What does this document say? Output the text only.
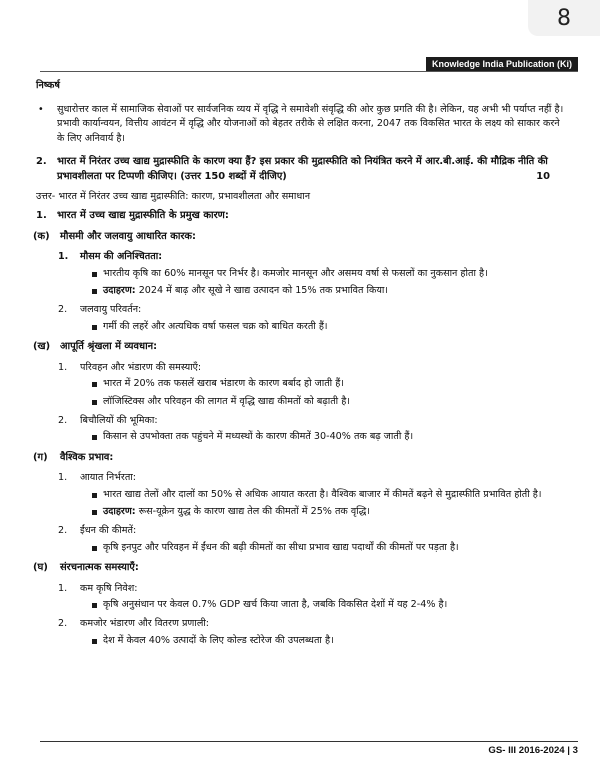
8
Knowledge India Publication (Ki)
निष्कर्ष
• सुधारोत्तर काल में सामाजिक सेवाओं पर सार्वजनिक व्यय में वृद्धि ने समावेशी संवृद्धि की ओर कुछ प्रगति की है। लेकिन, यह अभी भी पर्याप्त नहीं है। प्रभावी कार्यान्वयन, वित्तीय आवंटन में वृद्धि और योजनाओं को बेहतर तरीके से लक्षित करना, 2047 तक विकसित भारत के लक्ष्य को साकार करने के लिए अनिवार्य है।
2.	भारत में निरंतर उच्च खाद्य मुद्रास्फीति के कारण क्या हैं? इस प्रकार की मुद्रास्फीति को नियंत्रित करने में आर.बी.आई. की मौद्रिक नीति की प्रभावशीलता पर टिप्पणी कीजिए। (उत्तर 150 शब्दों में दीजिए)	10
उत्तर- भारत में निरंतर उच्च खाद्य मुद्रास्फीति: कारण, प्रभावशीलता और समाधान
1.	भारत में उच्च खाद्य मुद्रास्फीति के प्रमुख कारण:
(क)	मौसमी और जलवायु आधारित कारक:
1.	मौसम की अनिश्चितता:
भारतीय कृषि का 60% मानसून पर निर्भर है। कमजोर मानसून और असमय वर्षा से फसलों का नुकसान होता है।
उदाहरण: 2024 में बाढ़ और सूखे ने खाद्य उत्पादन को 15% तक प्रभावित किया।
2.	जलवायु परिवर्तन:
गर्मी की लहरें और अत्यधिक वर्षा फसल चक्र को बाधित करती हैं।
(ख) आपूर्ति श्रृंखला में व्यवधान:
1.	परिवहन और भंडारण की समस्याएँ:
भारत में 20% तक फसलें खराब भंडारण के कारण बर्बाद हो जाती हैं।
लॉजिस्टिक्स और परिवहन की लागत में वृद्धि खाद्य कीमतों को बढ़ाती है।
2.	बिचौलियों की भूमिका:
किसान से उपभोक्ता तक पहुंचने में मध्यस्थों के कारण कीमतें 30-40% तक बढ़ जाती हैं।
(ग)	वैश्विक प्रभाव:
1.	आयात निर्भरता:
भारत खाद्य तेलों और दालों का 50% से अधिक आयात करता है। वैश्विक बाजार में कीमतें बढ़ने से मुद्रास्फीति प्रभावित होती है।
उदाहरण: रूस-यूक्रेन युद्ध के कारण खाद्य तेल की कीमतों में 25% तक वृद्धि।
2.	ईंधन की कीमतें:
कृषि इनपुट और परिवहन में ईंधन की बढ़ी कीमतों का सीधा प्रभाव खाद्य पदार्थों की कीमतों पर पड़ता है।
(घ)	संरचनात्मक समस्याएँ:
1.	कम कृषि निवेश:
कृषि अनुसंधान पर केवल 0.7% GDP खर्च किया जाता है, जबकि विकसित देशों में यह 2-4% है।
2.	कमजोर भंडारण और वितरण प्रणाली:
देश में केवल 40% उत्पादों के लिए कोल्ड स्टोरेज की उपलब्धता है।
GS- III 2016-2024 | 3
